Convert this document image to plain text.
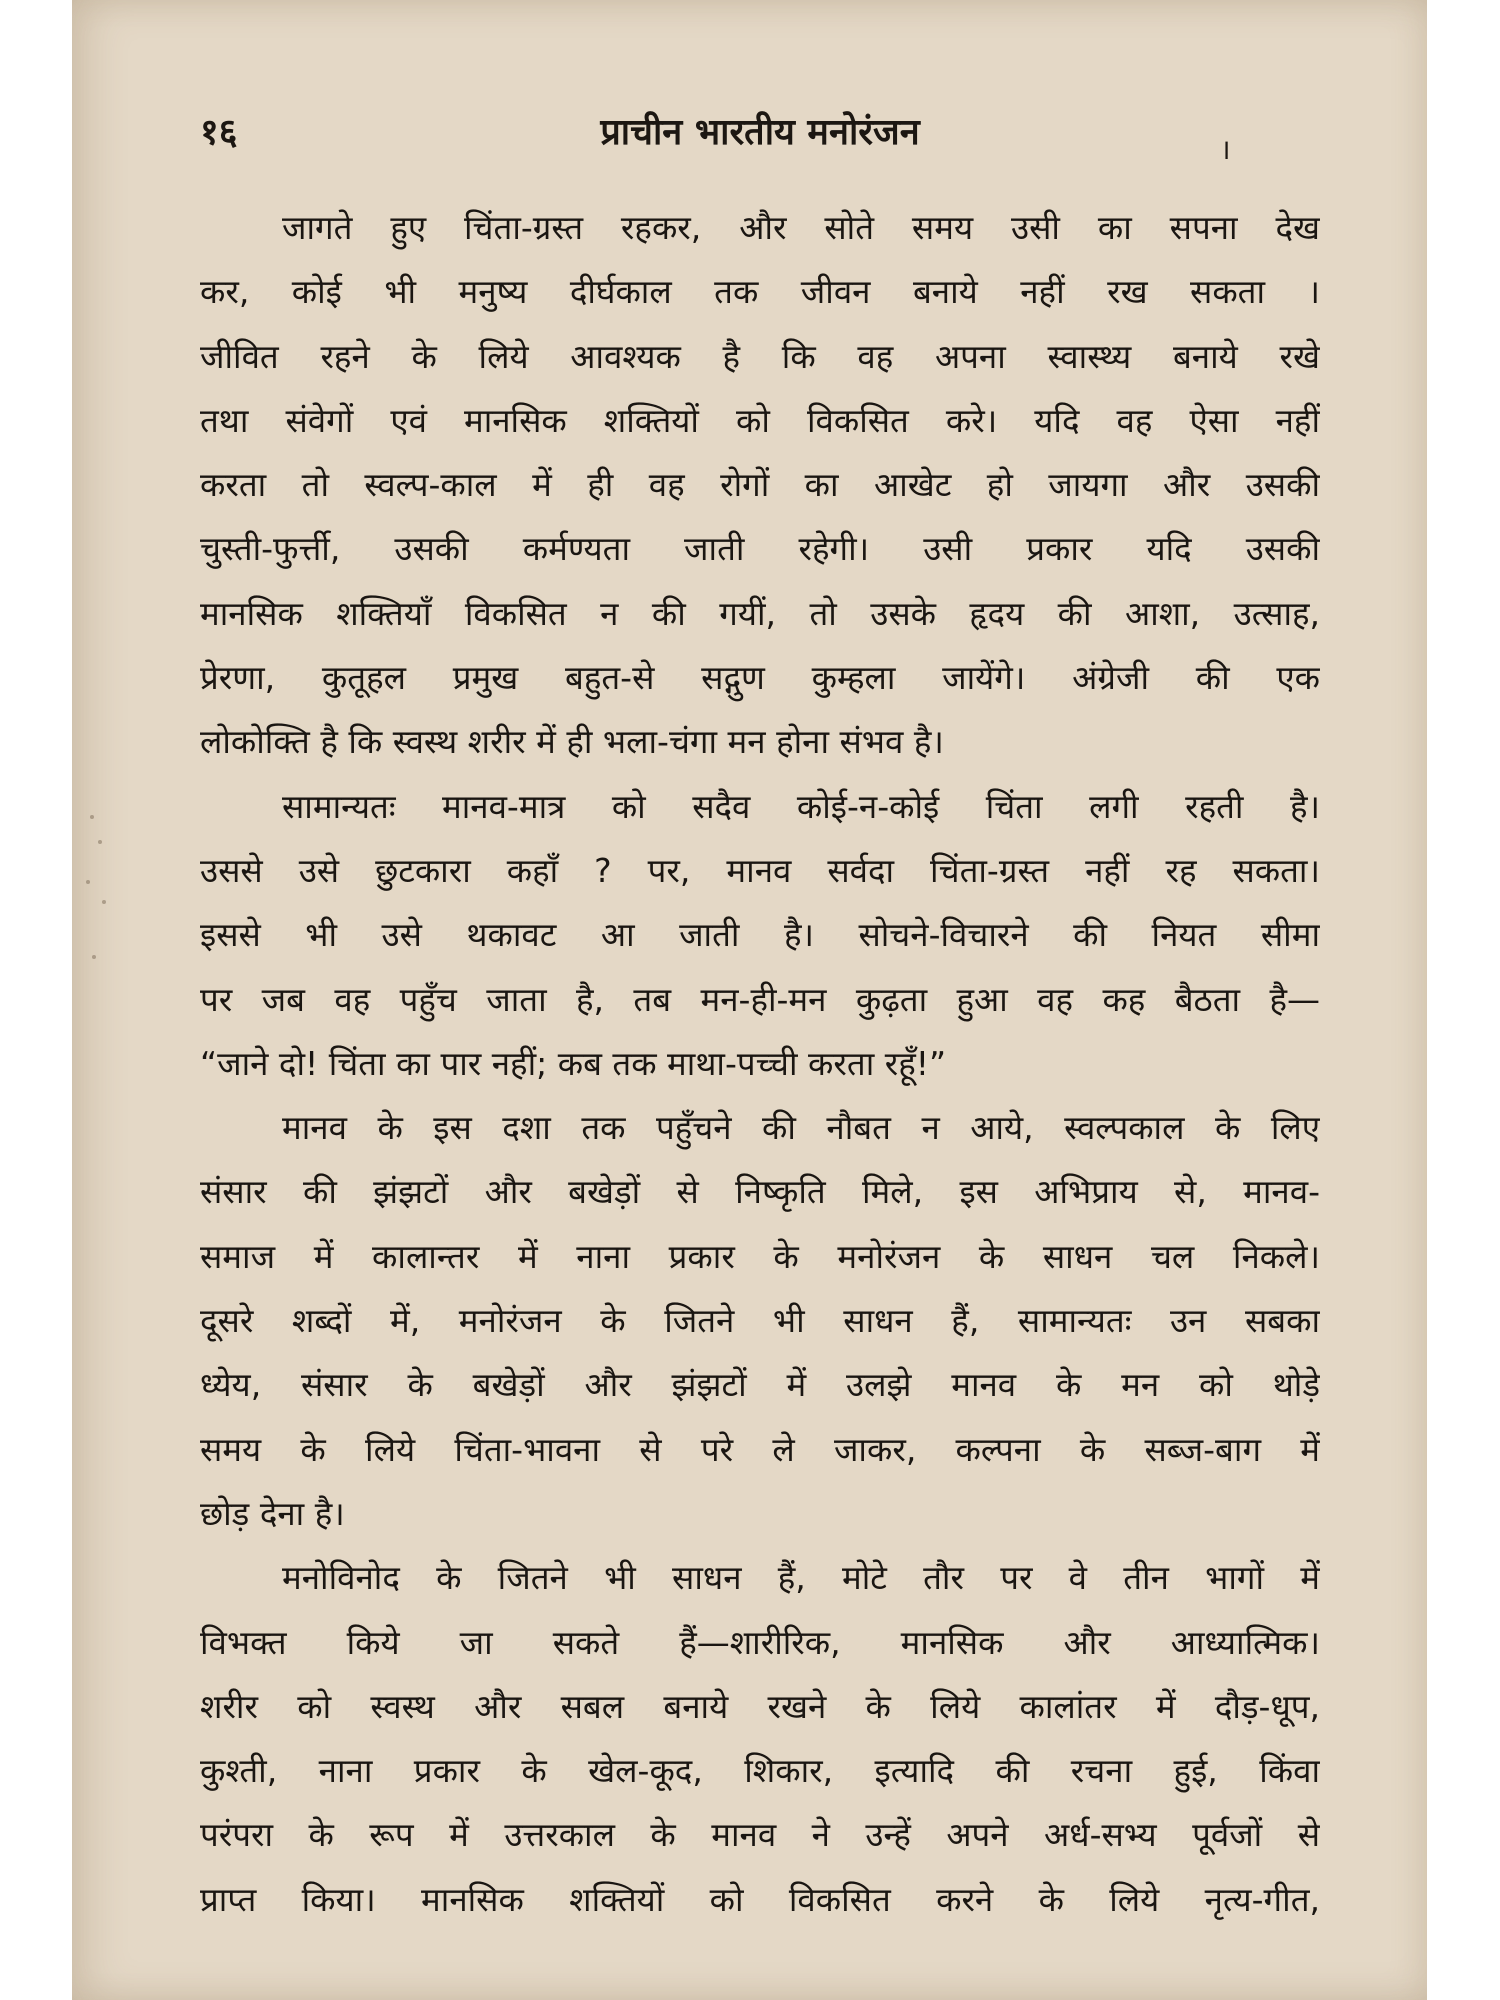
१६	प्राचीन भारतीय मनोरंजन	।
जागते हुए चिंता-ग्रस्त रहकर, और सोते समय उसी का सपना देख
कर, कोई भी मनुष्य दीर्घकाल तक जीवन बनाये नहीं रख सकता ।
जीवित रहने के लिये आवश्यक है कि वह अपना स्वास्थ्य बनाये रखे
तथा संवेगों एवं मानसिक शक्तियों को विकसित करे। यदि वह ऐसा नहीं
करता तो स्वल्प-काल में ही वह रोगों का आखेट हो जायगा और उसकी
चुस्ती-फुर्त्ती, उसकी कर्मण्यता जाती रहेगी। उसी प्रकार यदि उसकी
मानसिक शक्तियाँ विकसित न की गयीं, तो उसके हृदय की आशा, उत्साह,
प्रेरणा, कुतूहल प्रमुख बहुत-से सद्गुण कुम्हला जायेंगे। अंग्रेजी की एक
लोकोक्ति है कि स्वस्थ शरीर में ही भला-चंगा मन होना संभव है।
सामान्यतः मानव-मात्र को सदैव कोई-न-कोई चिंता लगी रहती है।
उससे उसे छुटकारा कहाँ ? पर, मानव सर्वदा चिंता-ग्रस्त नहीं रह सकता।
इससे भी उसे थकावट आ जाती है। सोचने-विचारने की नियत सीमा
पर जब वह पहुँच जाता है, तब मन-ही-मन कुढ़ता हुआ वह कह बैठता है—
“जाने दो! चिंता का पार नहीं; कब तक माथा-पच्ची करता रहूँ!”
मानव के इस दशा तक पहुँचने की नौबत न आये, स्वल्पकाल के लिए
संसार की झंझटों और बखेड़ों से निष्कृति मिले, इस अभिप्राय से, मानव-
समाज में कालान्तर में नाना प्रकार के मनोरंजन के साधन चल निकले।
दूसरे शब्दों में, मनोरंजन के जितने भी साधन हैं, सामान्यतः उन सबका
ध्येय, संसार के बखेड़ों और झंझटों में उलझे मानव के मन को थोड़े
समय के लिये चिंता-भावना से परे ले जाकर, कल्पना के सब्ज-बाग में
छोड़ देना है।
मनोविनोद के जितने भी साधन हैं, मोटे तौर पर वे तीन भागों में
विभक्त किये जा सकते हैं—शारीरिक, मानसिक और आध्यात्मिक।
शरीर को स्वस्थ और सबल बनाये रखने के लिये कालांतर में दौड़-धूप,
कुश्ती, नाना प्रकार के खेल-कूद, शिकार, इत्यादि की रचना हुई, किंवा
परंपरा के रूप में उत्तरकाल के मानव ने उन्हें अपने अर्ध-सभ्य पूर्वजों से
प्राप्त किया। मानसिक शक्तियों को विकसित करने के लिये नृत्य-गीत,
